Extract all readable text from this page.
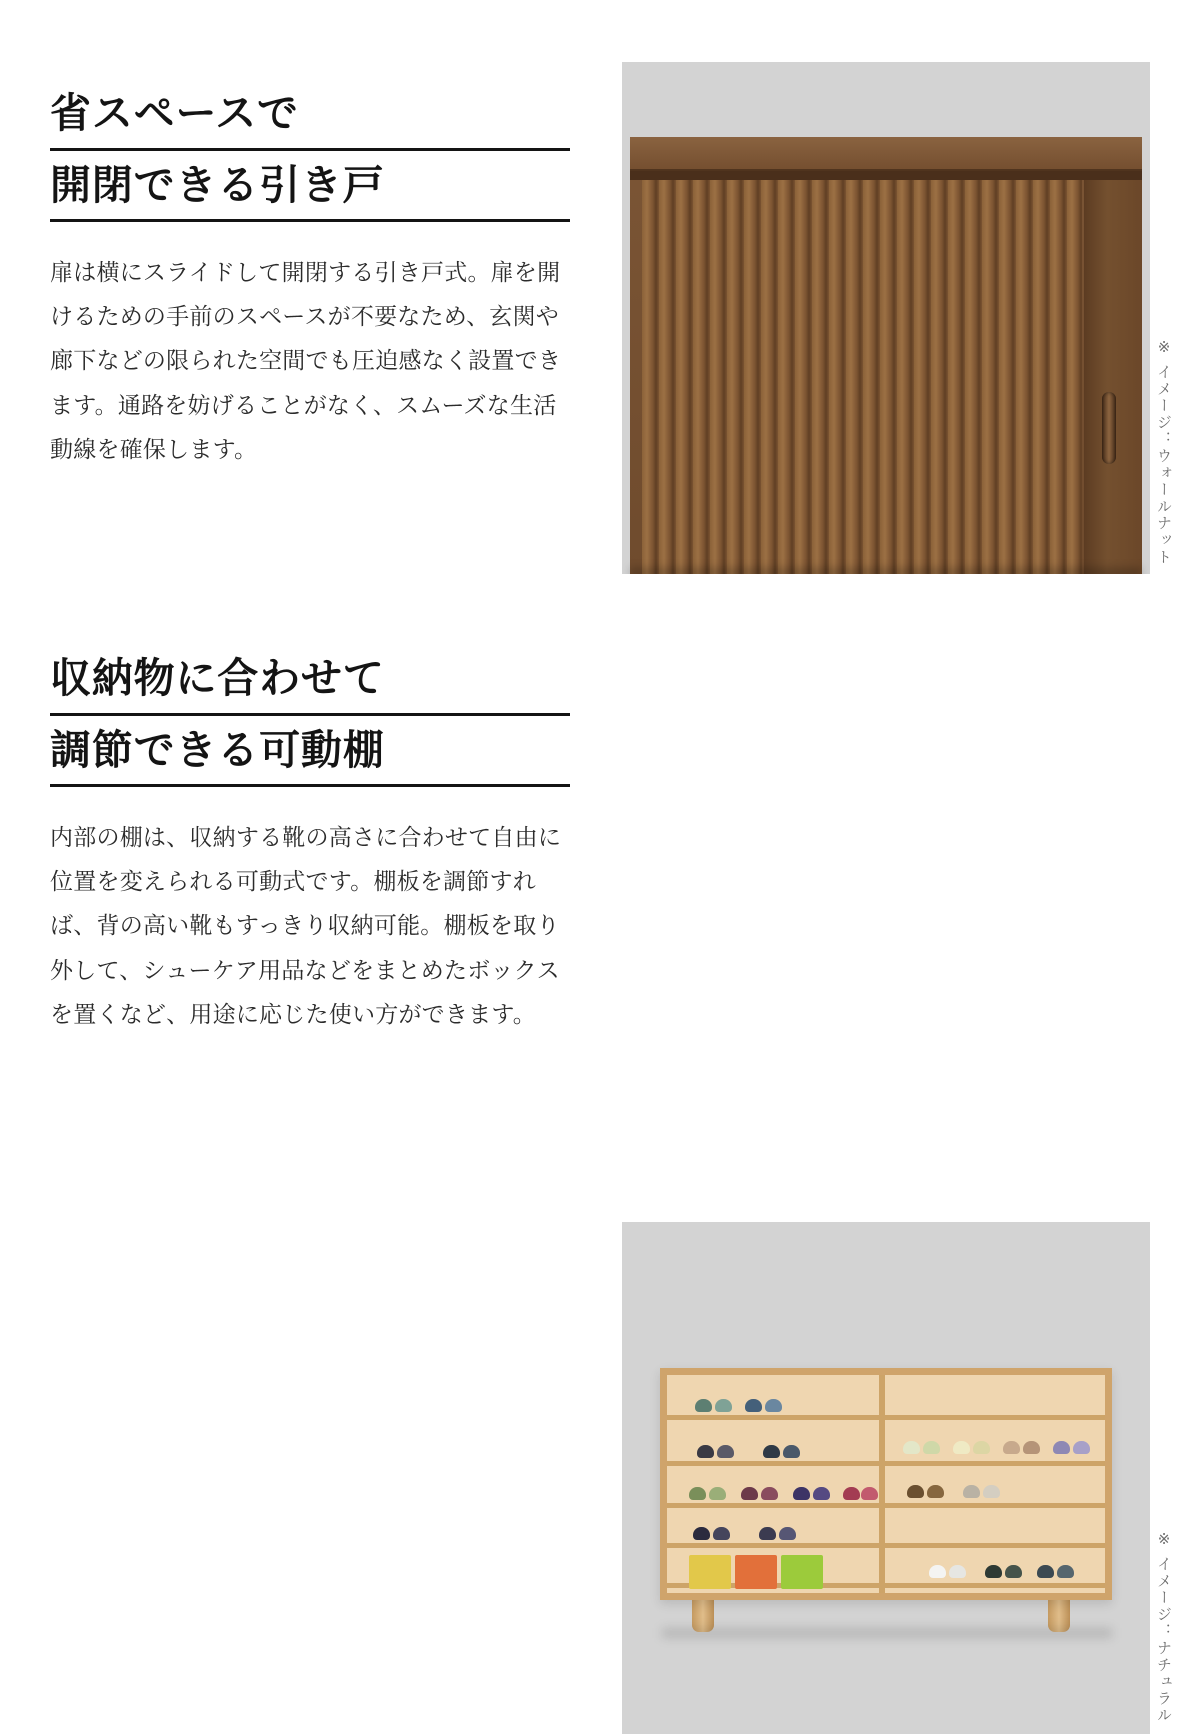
省スペースで
開閉できる引き戸

扉は横にスライドして開閉する引き戸式。扉を開けるための手前のスペースが不要なため、玄関や廊下などの限られた空間でも圧迫感なく設置できます。通路を妨げることがなく、スムーズな生活動線を確保します。	※ イメージ：ウォールナット
収納物に合わせて
調節できる可動棚

内部の棚は、収納する靴の高さに合わせて自由に位置を変えられる可動式です。棚板を調節すれば、背の高い靴もすっきり収納可能。棚板を取り外して、シューケア用品などをまとめたボックスを置くなど、用途に応じた使い方ができます。

※ イメージ：ナチュラル
